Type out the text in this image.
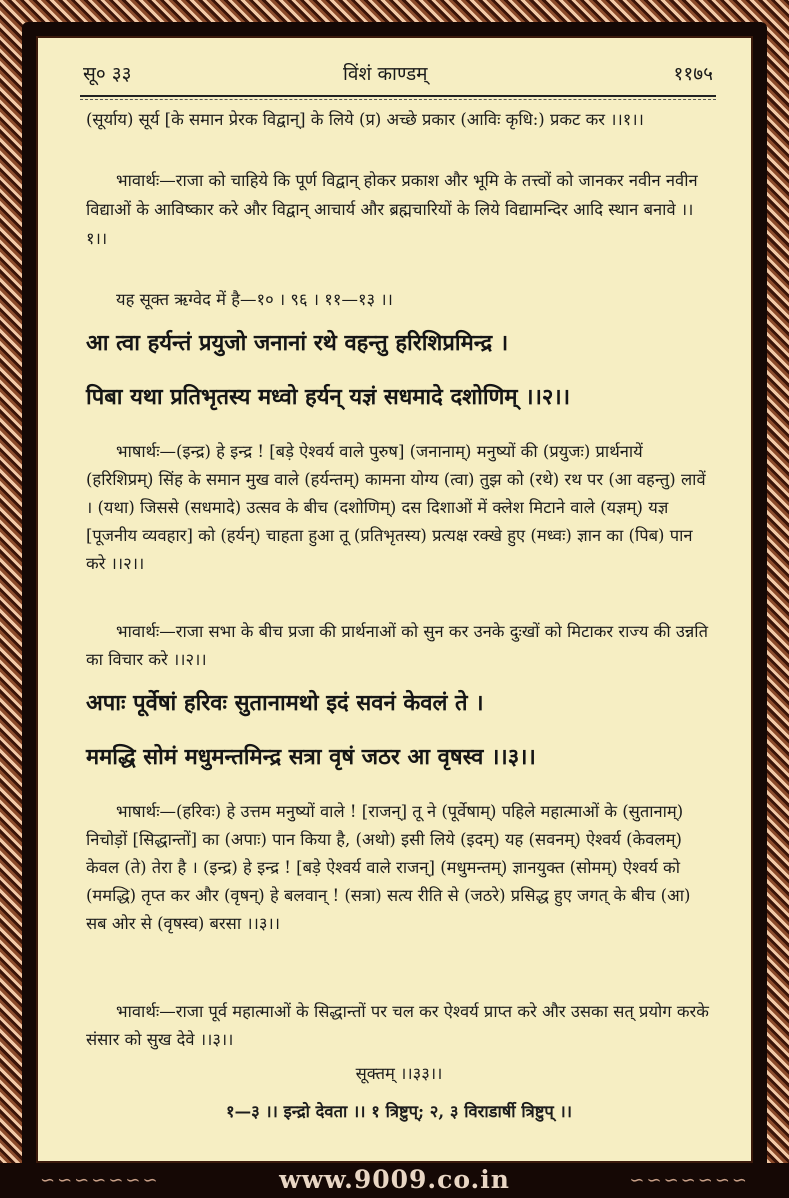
सू० ३३	विंशं काण्डम्	११७५
(सूर्याय) सूर्य [के समान प्रेरक विद्वान्] के लिये (प्र) अच्छे प्रकार (आविः कृधि:) प्रकट कर ।।१।।
भावार्थः—राजा को चाहिये कि पूर्ण विद्वान् होकर प्रकाश और भूमि के तत्त्वों को जानकर नवीन नवीन विद्याओं के आविष्कार करे और विद्वान् आचार्य और ब्रह्मचारियों के लिये विद्यामन्दिर आदि स्थान बनावे ।।१।।
यह सूक्त ऋग्वेद में है—१० । ९६ । ११—१३ ।।
आ त्वा हर्यन्तं प्रयुजो जनानां रथे वहन्तु हरिशिप्रमिन्द्र ।
पिबा यथा प्रतिभृतस्य मध्वो हर्यन् यज्ञं सधमादे दशोणिम् ।।२।।
भाषार्थः—(इन्द्र) हे इन्द्र ! [बड़े ऐश्वर्य वाले पुरुष] (जनानाम्) मनुष्यों की (प्रयुजः) प्रार्थनायें (हरिशिप्रम्) सिंह के समान मुख वाले (हर्यन्तम्) कामना योग्य (त्वा) तुझ को (रथे) रथ पर (आ वहन्तु) लावें । (यथा) जिससे (सधमादे) उत्सव के बीच (दशोणिम्) दस दिशाओं में क्लेश मिटाने वाले (यज्ञम्) यज्ञ [पूजनीय व्यवहार] को (हर्यन्) चाहता हुआ तू (प्रतिभृतस्य) प्रत्यक्ष रक्खे हुए (मध्वः) ज्ञान का (पिब) पान करे ।।२।।
भावार्थः—राजा सभा के बीच प्रजा की प्रार्थनाओं को सुन कर उनके दुःखों को मिटाकर राज्य की उन्नति का विचार करे ।।२।।
अपाः पूर्वेषां हरिवः सुतानामथो इदं सवनं केवलं ते ।
ममद्धि सोमं मधुमन्तमिन्द्र सत्रा वृषं जठर आ वृषस्व ।।३।।
भाषार्थः—(हरिवः) हे उत्तम मनुष्यों वाले ! [राजन्] तू ने (पूर्वेषाम्) पहिले महात्माओं के (सुतानाम्) निचोड़ों [सिद्धान्तों] का (अपाः) पान किया है, (अथो) इसी लिये (इदम्) यह (सवनम्) ऐश्वर्य (केवलम्) केवल (ते) तेरा है । (इन्द्र) हे इन्द्र ! [बड़े ऐश्वर्य वाले राजन्] (मधुमन्तम्) ज्ञानयुक्त (सोमम्) ऐश्वर्य को (ममद्धि) तृप्त कर और (वृषन्) हे बलवान् ! (सत्रा) सत्य रीति से (जठरे) प्रसिद्ध हुए जगत् के बीच (आ) सब ओर से (वृषस्व) बरसा ।।३।।
भावार्थः—राजा पूर्व महात्माओं के सिद्धान्तों पर चल कर ऐश्वर्य प्राप्त करे और उसका सत् प्रयोग करके संसार को सुख देवे ।।३।।
सूक्तम् ।।३३।।
१—३ ।। इन्द्रो देवता ।। १ त्रिष्टुप्; २, ३ विराडार्षी त्रिष्टुप् ।।
∽∽∽∽∽∽∽	∽∽∽∽∽∽∽
www.9009.co.in
